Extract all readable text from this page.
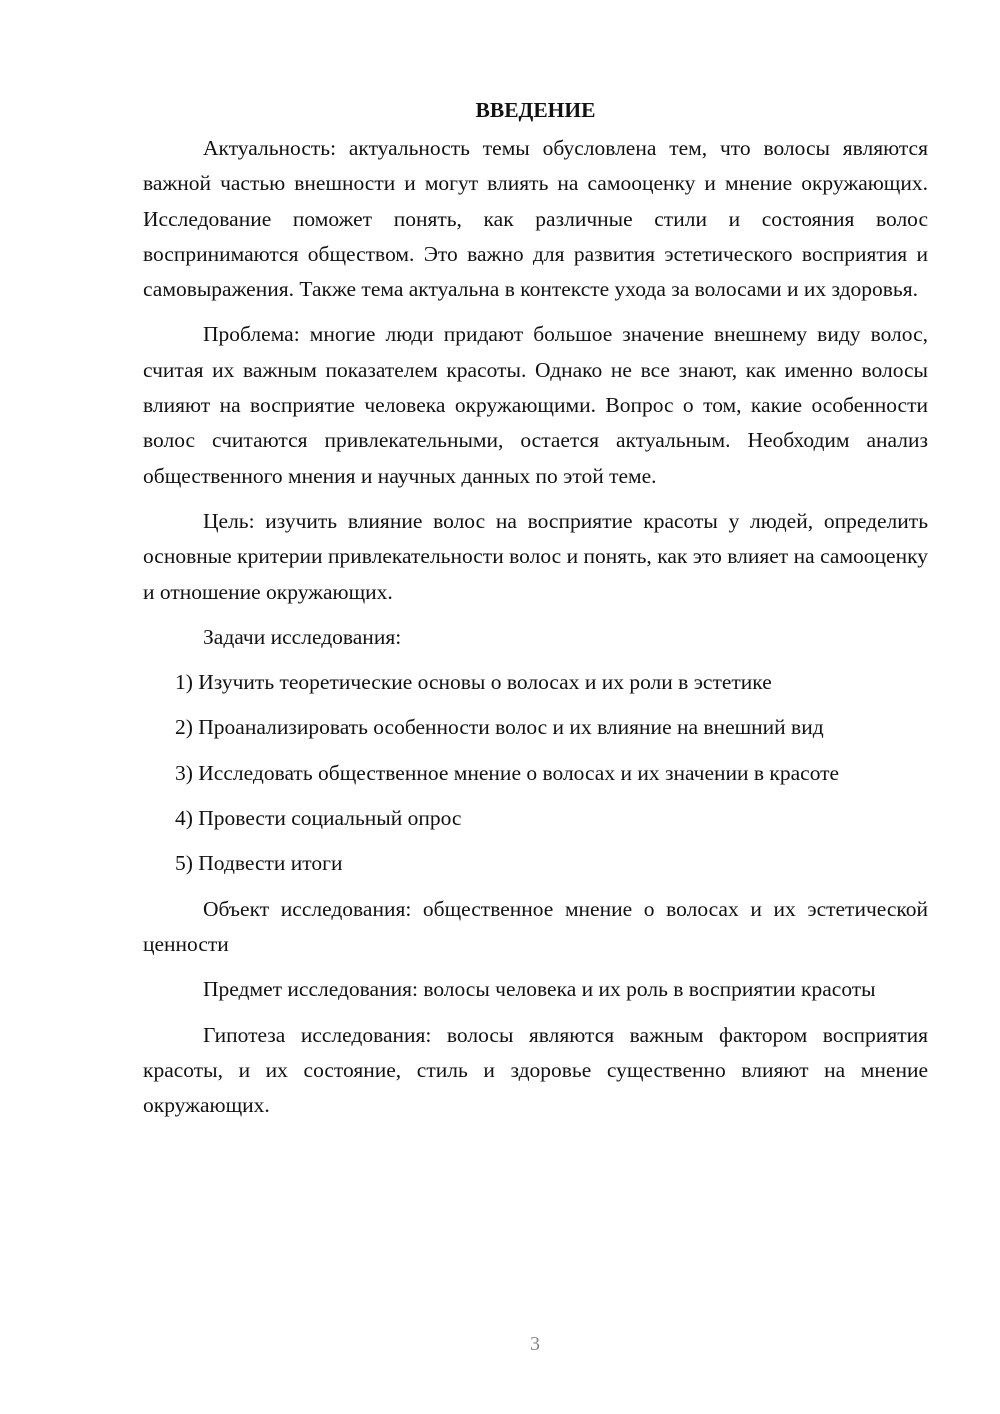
ВВЕДЕНИЕ

Актуальность: актуальность темы обусловлена тем, что волосы являются важной частью внешности и могут влиять на самооценку и мнение окружающих. Исследование поможет понять, как различные стили и состояния волос воспринимаются обществом. Это важно для развития эстетического восприятия и самовыражения. Также тема актуальна в контексте ухода за волосами и их здоровья.

Проблема: многие люди придают большое значение внешнему виду волос, считая их важным показателем красоты. Однако не все знают, как именно волосы влияют на восприятие человека окружающими. Вопрос о том, какие особенности волос считаются привлекательными, остается актуальным. Необходим анализ общественного мнения и научных данных по этой теме.

Цель: изучить влияние волос на восприятие красоты у людей, определить основные критерии привлекательности волос и понять, как это влияет на самооценку и отношение окружающих.

Задачи исследования:

1) Изучить теоретические основы о волосах и их роли в эстетике

2) Проанализировать особенности волос и их влияние на внешний вид

3) Исследовать общественное мнение о волосах и их значении в красоте

4) Провести социальный опрос

5) Подвести итоги

Объект исследования: общественное мнение о волосах и их эстетической ценности

Предмет исследования: волосы человека и их роль в восприятии красоты

Гипотеза исследования: волосы являются важным фактором восприятия красоты, и их состояние, стиль и здоровье существенно влияют на мнение окружающих.

3
